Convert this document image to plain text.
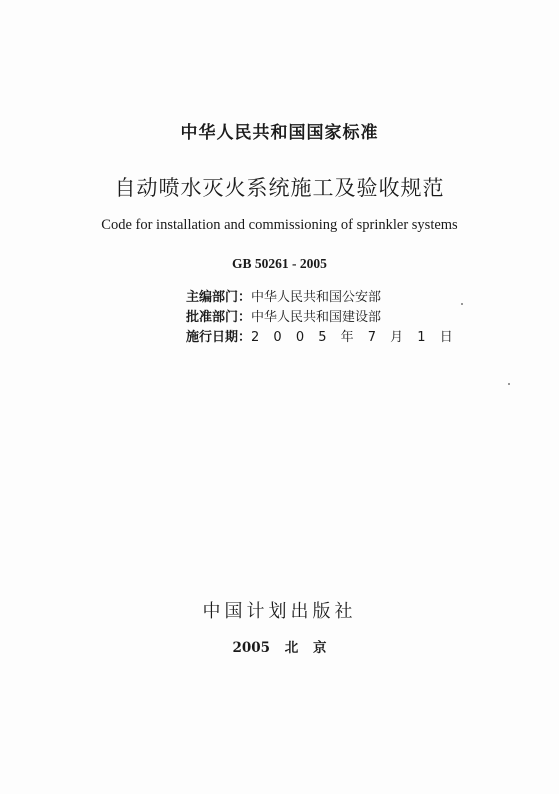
中华人民共和国国家标准
自动喷水灭火系统施工及验收规范
Code for installation and commissioning of sprinkler systems
GB 50261 - 2005
主编部门：中华人民共和国公安部
批准部门：中华人民共和国建设部
施行日期：2 0 0 5 年 7 月 1 日
中国计划出版社
2005 北 京
